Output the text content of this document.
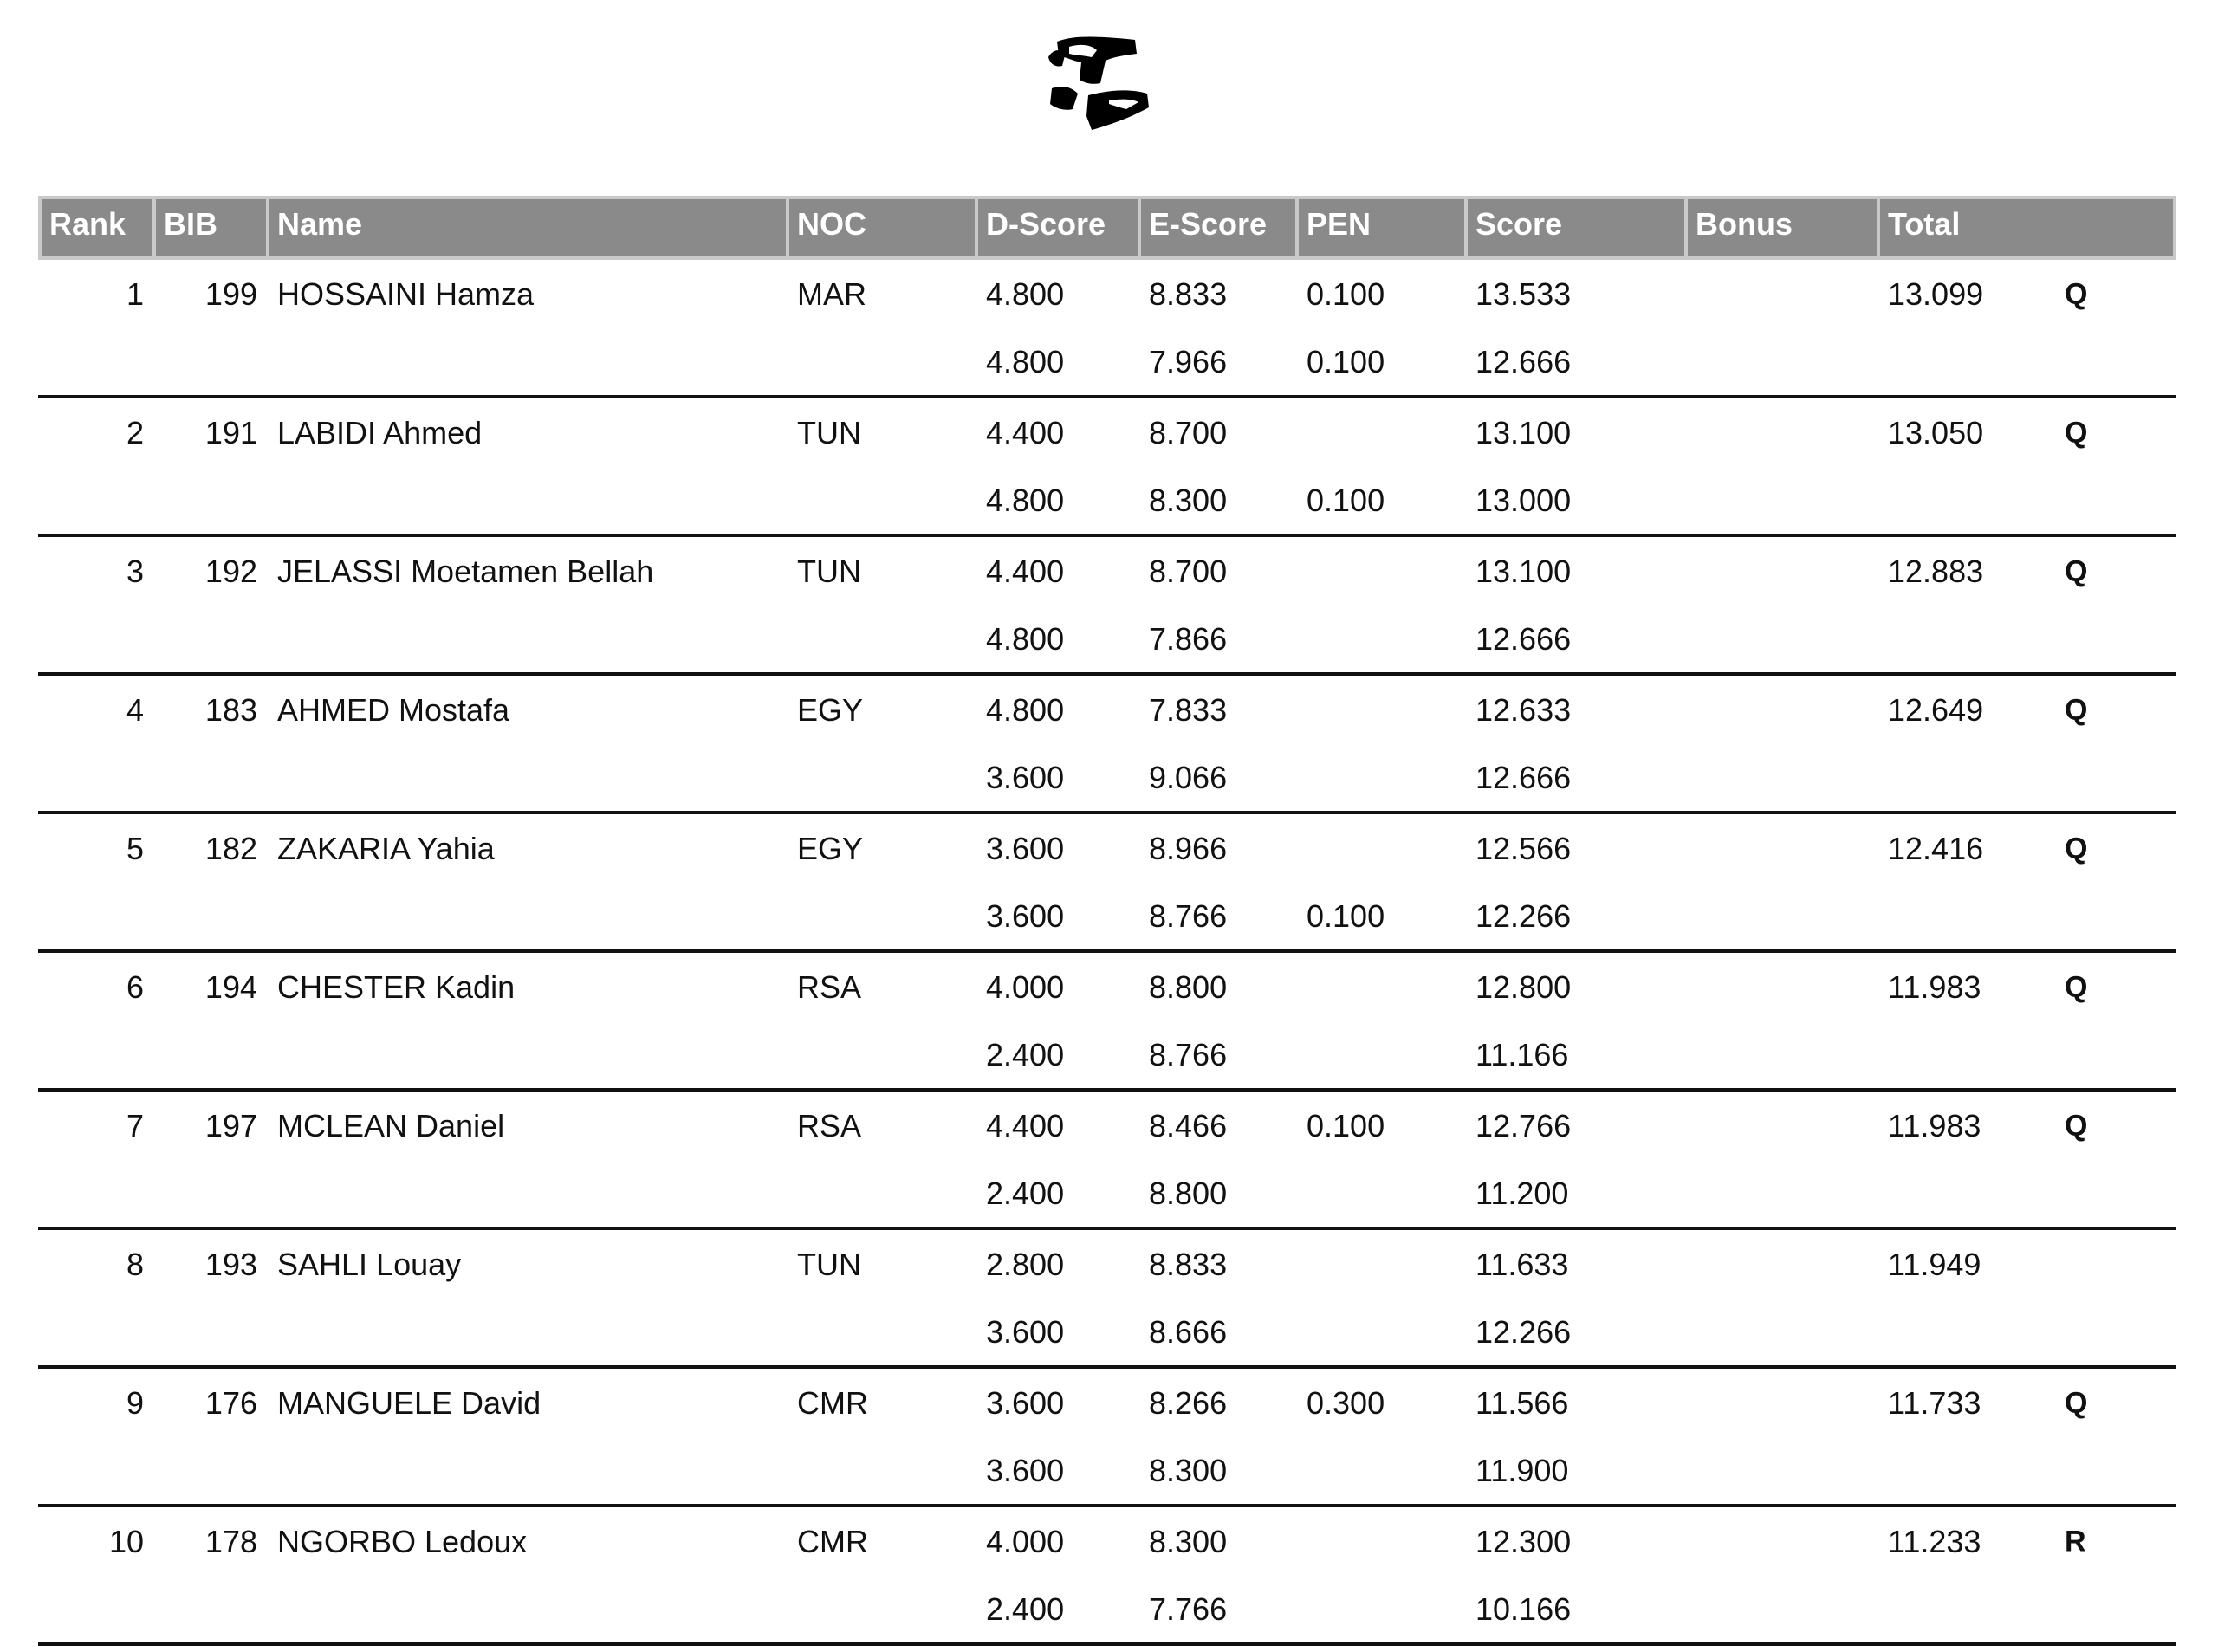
Rank	BIB	Name	NOC	D-Score	E-Score	PEN	Score	Bonus	Total
1	199	HOSSAINI Hamza	MAR	4.800	8.833	0.100	13.533		13.099 Q

				4.800	7.966	0.100	12.666		
2	191	LABIDI Ahmed	TUN	4.400	8.700		13.100		13.050 Q

				4.800	8.300	0.100	13.000		
3	192	JELASSI Moetamen Bellah	TUN	4.400	8.700		13.100		12.883 Q

				4.800	7.866		12.666		
4	183	AHMED Mostafa	EGY	4.800	7.833		12.633		12.649 Q

				3.600	9.066		12.666		
5	182	ZAKARIA Yahia	EGY	3.600	8.966		12.566		12.416 Q

				3.600	8.766	0.100	12.266		
6	194	CHESTER Kadin	RSA	4.000	8.800		12.800		11.983 Q

				2.400	8.766		11.166		
7	197	MCLEAN Daniel	RSA	4.400	8.466	0.100	12.766		11.983 Q

				2.400	8.800		11.200		
8	193	SAHLI Louay	TUN	2.800	8.833		11.633		11.949

				3.600	8.666		12.266		
9	176	MANGUELE David	CMR	3.600	8.266	0.300	11.566		11.733 Q

				3.600	8.300		11.900		
10	178	NGORBO Ledoux	CMR	4.000	8.300		12.300		11.233 R

				2.400	7.766		10.166		
